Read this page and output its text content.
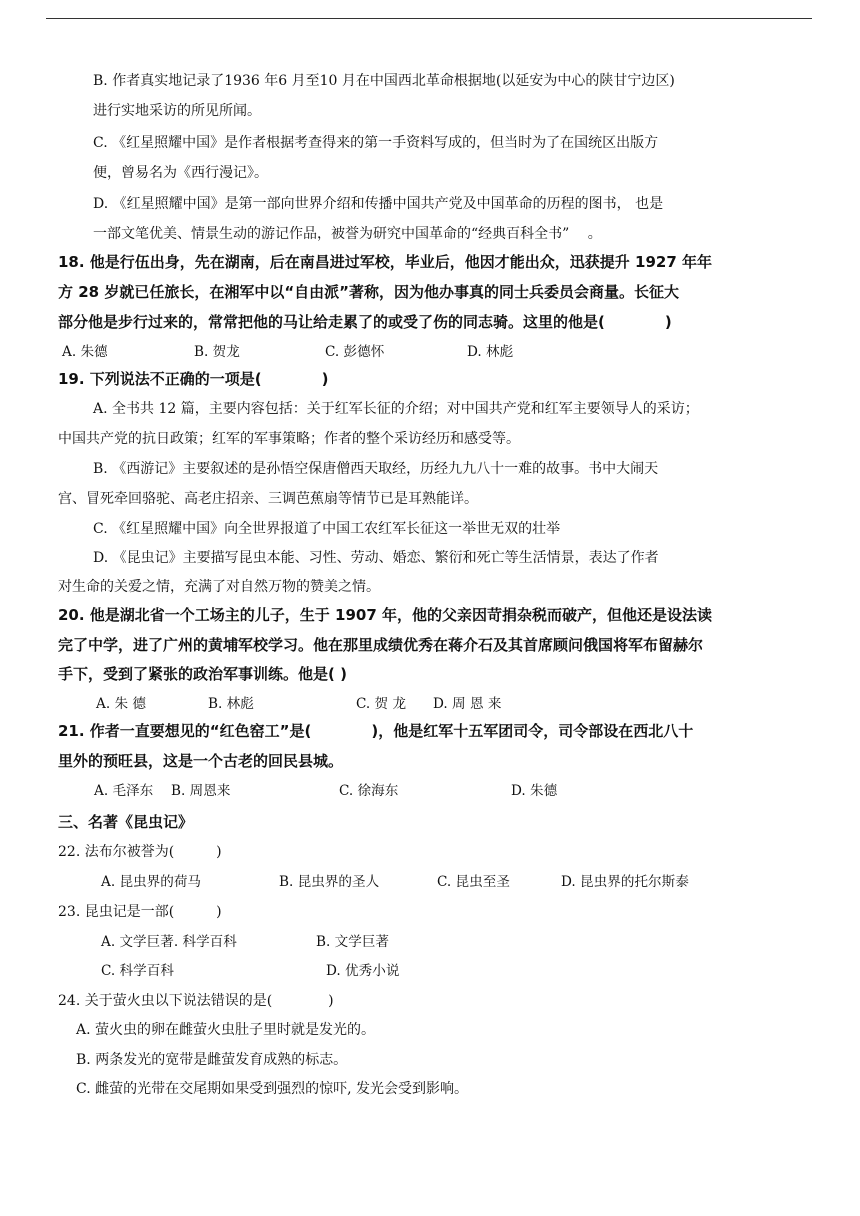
B. 作者真实地记录了1936 年6 月至10 月在中国西北革命根据地(以延安为中心的陕甘宁边区)
进行实地采访的所见所闻。
C. 《红星照耀中国》是作者根据考查得来的第一手资料写成的，但当时为了在国统区出版方
便，曾易名为《西行漫记》。
D. 《红星照耀中国》是第一部向世界介绍和传播中国共产党及中国革命的历程的图书， 也是
一部文笔优美、情景生动的游记作品，被誉为研究中国革命的“经典百科全书”　 。
18. 他是行伍出身，先在湖南，后在南昌进过军校，毕业后，他因才能出众，迅获提升 1927 年年
方 28 岁就已任旅长，在湘军中以“自由派”著称，因为他办事真的同士兵委员会商量。长征大
部分他是步行过来的，常常把他的马让给走累了的或受了伤的同志骑。这里的他是(　　　　)
A. 朱德	B. 贺龙	C. 彭德怀	D. 林彪
19. 下列说法不正确的一项是(　　　　)
A. 全书共 12 篇，主要内容包括：关于红军长征的介绍；对中国共产党和红军主要领导人的采访；
中国共产党的抗日政策；红军的军事策略；作者的整个采访经历和感受等。
B. 《西游记》主要叙述的是孙悟空保唐僧西天取经，历经九九八十一难的故事。书中大闹天
宫、冒死牵回骆驼、高老庄招亲、三调芭蕉扇等情节已是耳熟能详。
C. 《红星照耀中国》向全世界报道了中国工农红军长征这一举世无双的壮举
D. 《昆虫记》主要描写昆虫本能、习性、劳动、婚恋、繁衍和死亡等生活情景，表达了作者
对生命的关爱之情，充满了对自然万物的赞美之情。
20. 他是湖北省一个工场主的儿子，生于 1907 年，他的父亲因苛捐杂税而破产，但他还是设法读
完了中学，进了广州的黄埔军校学习。他在那里成绩优秀在蒋介石及其首席顾问俄国将军布留赫尔
手下，受到了紧张的政治军事训练。他是( )
A. 朱 德	B. 林彪	C. 贺 龙 D. 周 恩 来
21. 作者一直要想见的“红色窑工”是(　　　　)，他是红军十五军团司令，司令部设在西北八十
里外的预旺县，这是一个古老的回民县城。
A. 毛泽东 B. 周恩来	C. 徐海东	D. 朱德
三、名著《昆虫记》
22. 法布尔被誉为(　　　)
A. 昆虫界的荷马	B. 昆虫界的圣人	C. 昆虫至圣	D. 昆虫界的托尔斯泰
23. 昆虫记是一部(　　　)
A. 文学巨著. 科学百科	B. 文学巨著
C. 科学百科	D. 优秀小说
24. 关于萤火虫以下说法错误的是(　　　　)
A. 萤火虫的卵在雌萤火虫肚子里时就是发光的。
B. 两条发光的宽带是雌萤发育成熟的标志。
C. 雌萤的光带在交尾期如果受到强烈的惊吓, 发光会受到影响。
